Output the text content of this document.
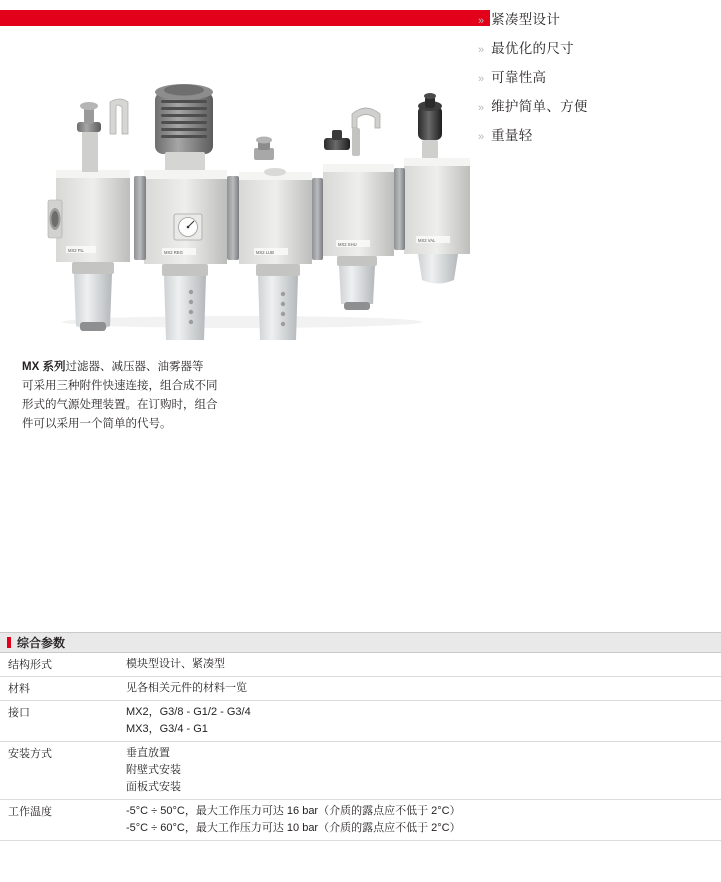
» 紧凑型设计
» 最优化的尺寸
» 可靠性高
» 维护简单、方便
» 重量轻
MX2 FIL	MX2 REG	MX2 LUB
MX2 SHU
MX2 VAL
MX 系列过滤器、减压器、油雾器等
可采用三种附件快速连接，组合成不同
形式的气源处理装置。在订购时，组合
件可以采用一个简单的代号。
综合参数
结构形式	模块型设计、紧凑型

材料	见各相关元件的材料一览

接口	MX2，G3/8 - G1/2 - G3/4
MX3，G3/4 - G1

安装方式	垂直放置
附壁式安装
面板式安装

工作温度	-5°C ÷ 50°C，最大工作压力可达 16 bar（介质的露点应不低于 2°C）
-5°C ÷ 60°C，最大工作压力可达 10 bar（介质的露点应不低于 2°C）
